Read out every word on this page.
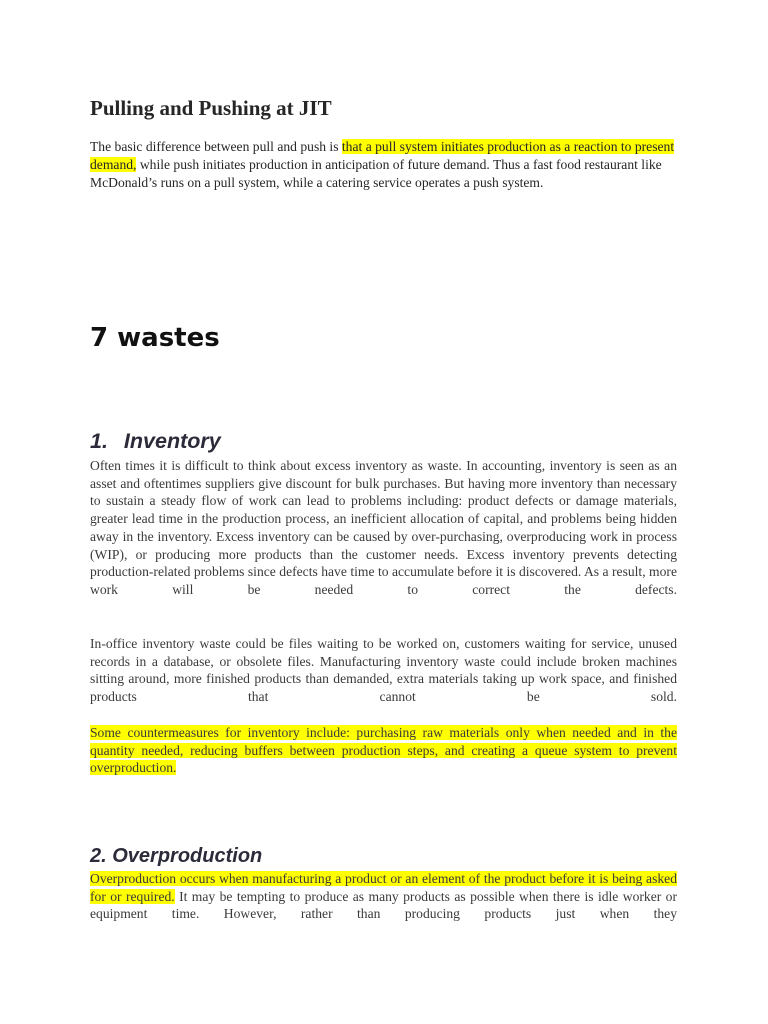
Pulling and Pushing at JIT

The basic difference between pull and push is that a pull system initiates production as a reaction to present demand, while push initiates production in anticipation of future demand. Thus a fast food restaurant like McDonald’s runs on a pull system, while a catering service operates a push system.

7 wastes
1. Inventory

Often times it is difficult to think about excess inventory as waste. In accounting, inventory is seen as an asset and oftentimes suppliers give discount for bulk purchases. But having more inventory than necessary to sustain a steady flow of work can lead to problems including: product defects or damage materials, greater lead time in the production process, an inefficient allocation of capital, and problems being hidden away in the inventory. Excess inventory can be caused by over-purchasing, overproducing work in process (WIP), or producing more products than the customer needs. Excess inventory prevents detecting production-related problems since defects have time to accumulate before it is discovered. As a result, more work will be needed to correct the defects.

In-office inventory waste could be files waiting to be worked on, customers waiting for service, unused records in a database, or obsolete files. Manufacturing inventory waste could include broken machines sitting around, more finished products than demanded, extra materials taking up work space, and finished products that cannot be sold.

Some countermeasures for inventory include: purchasing raw materials only when needed and in the quantity needed, reducing buffers between production steps, and creating a queue system to prevent overproduction.

2. Overproduction

Overproduction occurs when manufacturing a product or an element of the product before it is being asked for or required. It may be tempting to produce as many products as possible when there is idle worker or equipment time. However, rather than producing products just when they
